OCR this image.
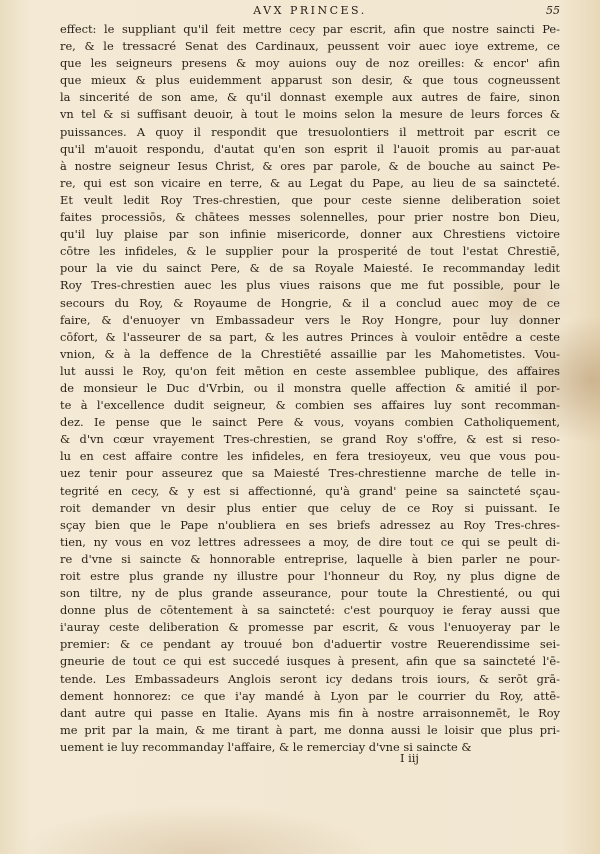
AVX PRINCES.	55
effect: le suppliant qu'il feit mettre cecy par escrit, afin que nostre saincti Pe-
re, & le tressacré Senat des Cardinaux, peussent voir auec ioye extreme, ce
que les seigneurs presens & moy auions ouy de noz oreilles: & encor' afin
que mieux & plus euidemment apparust son desir, & que tous cogneussent
la sincerité de son ame, & qu'il donnast exemple aux autres de faire, sinon
vn tel & si suffisant deuoir, à tout le moins selon la mesure de leurs forces &
puissances. A quoy il respondit que tresuolontiers il mettroit par escrit ce
qu'il m'auoit respondu, d'autat qu'en son esprit il l'auoit promis au par-auat
à nostre seigneur Iesus Christ, & ores par parole, & de bouche au sainct Pe-
re, qui est son vicaire en terre, & au Legat du Pape, au lieu de sa saincteté.
Et veult ledit Roy Tres-chrestien, que pour ceste sienne deliberation soiet
faites processiōs, & chātees messes solennelles, pour prier nostre bon Dieu,
qu'il luy plaise par son infinie misericorde, donner aux Chrestiens victoire
cōtre les infideles, & le supplier pour la prosperité de tout l'estat Chrestiē,
pour la vie du sainct Pere, & de sa Royale Maiesté. Ie recommanday ledit
Roy Tres-chrestien auec les plus viues raisons que me fut possible, pour le
secours du Roy, & Royaume de Hongrie, & il a conclud auec moy de ce
faire, & d'enuoyer vn Embassadeur vers le Roy Hongre, pour luy donner
cōfort, & l'asseurer de sa part, & les autres Princes à vouloir entēdre a ceste
vnion, & à la deffence de la Chrestiēté assaillie par les Mahometistes. Vou-
lut aussi le Roy, qu'on feit mētion en ceste assemblee publique, des affaires
de monsieur le Duc d'Vrbin, ou il monstra quelle affection & amitié il por-
te à l'excellence dudit seigneur, & combien ses affaires luy sont recomman-
dez. Ie pense que le sainct Pere & vous, voyans combien Catholiquement,
& d'vn cœur vrayement Tres-chrestien, se grand Roy s'offre, & est si reso-
lu en cest affaire contre les infideles, en fera tresioyeux, veu que vous pou-
uez tenir pour asseurez que sa Maiesté Tres-chrestienne marche de telle in-
tegrité en cecy, & y est si affectionné, qu'à grand' peine sa saincteté sçau-
roit demander vn desir plus entier que celuy de ce Roy si puissant. Ie
sçay bien que le Pape n'oubliera en ses briefs adressez au Roy Tres-chres-
tien, ny vous en voz lettres adressees a moy, de dire tout ce qui se peult di-
re d'vne si saincte & honnorable entreprise, laquelle à bien parler ne pour-
roit estre plus grande ny illustre pour l'honneur du Roy, ny plus digne de
son tiltre, ny de plus grande asseurance, pour toute la Chrestienté, ou qui
donne plus de cōtentement à sa saincteté: c'est pourquoy ie feray aussi que
i'auray ceste deliberation & promesse par escrit, & vous l'enuoyeray par le
premier: & ce pendant ay trouué bon d'aduertir vostre Reuerendissime sei-
gneurie de tout ce qui est succedé iusques à present, afin que sa saincteté l'ē-
tende. Les Embassadeurs Anglois seront icy dedans trois iours, & serōt grā-
dement honnorez: ce que i'ay mandé à Lyon par le courrier du Roy, attē-
dant autre qui passe en Italie. Ayans mis fin à nostre arraisonnemēt, le Roy
me prit par la main, & me tirant à part, me donna aussi le loisir que plus pri-
uement ie luy recommanday l'affaire, & le remerciay d'vne si saincte &
I iij
